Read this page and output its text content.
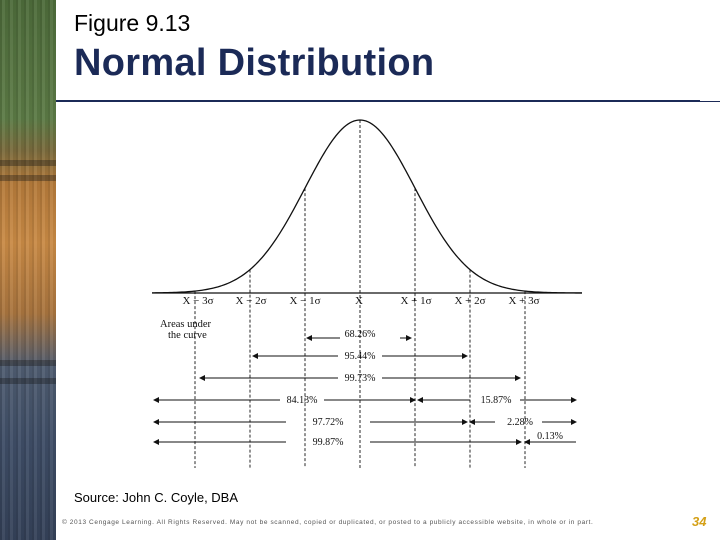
Figure 9.13
Normal Distribution
X − 3σ X − 2σ X − 1σ	X	X + 1σ X + 2σ X + 3σ
Areas under
the curve	68.26%
95.44%
99.73%
84.13%	15.87%
97.72%	2.28%
99.87%
0.13%
Source: John C. Coyle, DBA
© 2013 Cengage Learning. All Rights Reserved. May not be scanned, copied or duplicated, or posted to a publicly accessible website, in whole or in part.	34
